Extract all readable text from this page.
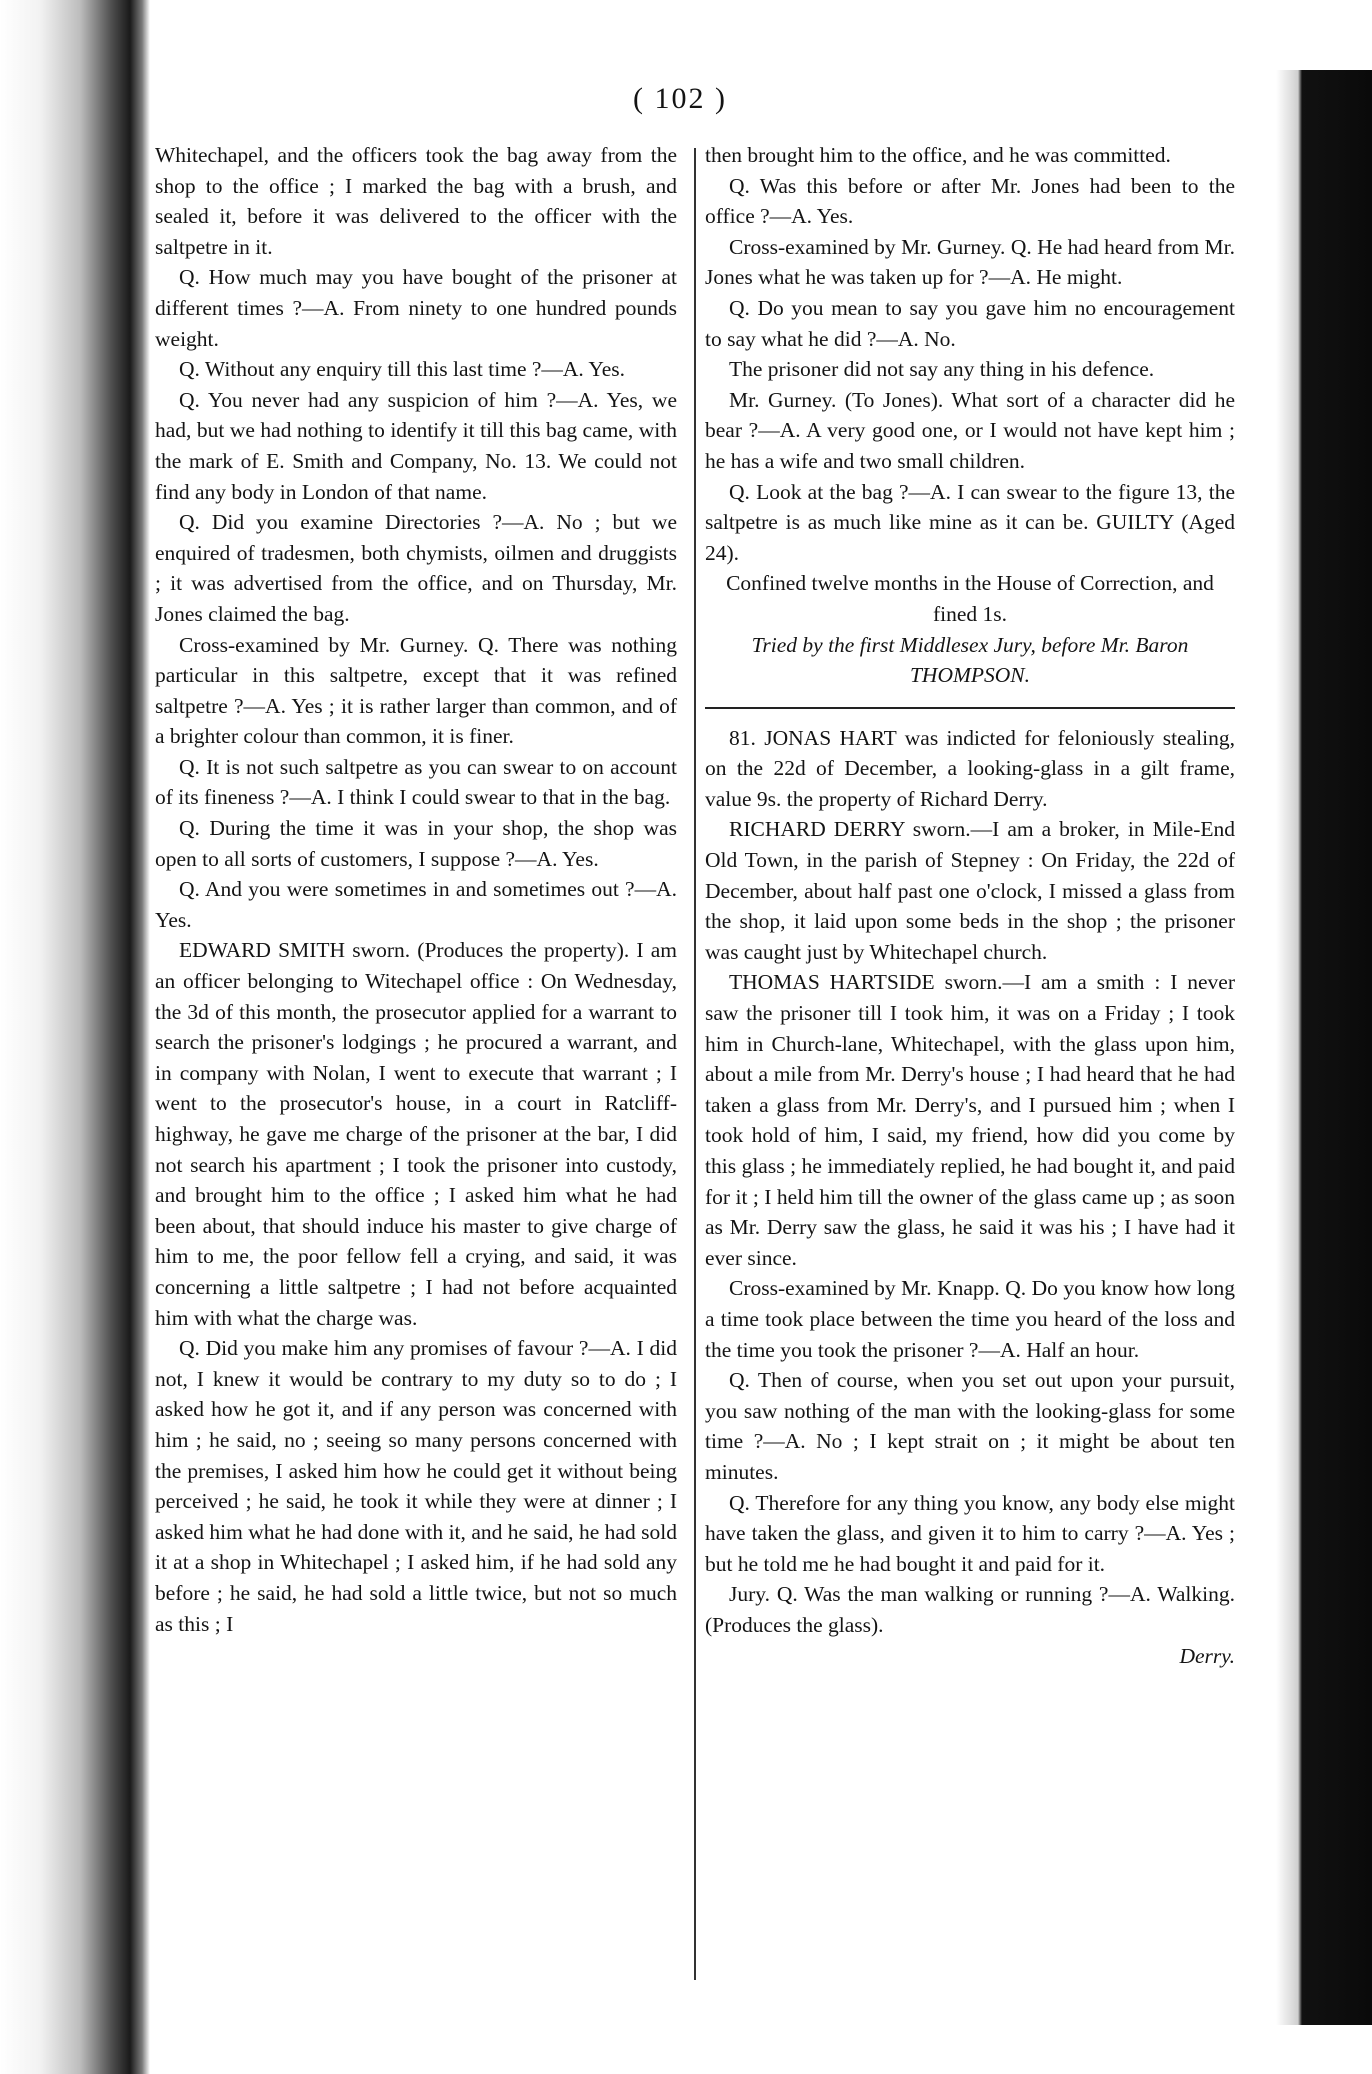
( 102 )

Whitechapel, and the officers took the bag away from the shop to the office ; I marked the bag with a brush, and sealed it, before it was delivered to the officer with the saltpetre in it.

Q. How much may you have bought of the prisoner at different times ?—A. From ninety to one hundred pounds weight.

Q. Without any enquiry till this last time ?—A. Yes.

Q. You never had any suspicion of him ?—A. Yes, we had, but we had nothing to identify it till this bag came, with the mark of E. Smith and Company, No. 13. We could not find any body in London of that name.

Q. Did you examine Directories ?—A. No ; but we enquired of tradesmen, both chymists, oilmen and druggists ; it was advertised from the office, and on Thursday, Mr. Jones claimed the bag.

Cross-examined by Mr. Gurney. Q. There was nothing particular in this saltpetre, except that it was refined saltpetre ?—A. Yes ; it is rather larger than common, and of a brighter colour than common, it is finer.

Q. It is not such saltpetre as you can swear to on account of its fineness ?—A. I think I could swear to that in the bag.

Q. During the time it was in your shop, the shop was open to all sorts of customers, I suppose ?—A. Yes.

Q. And you were sometimes in and sometimes out ?—A. Yes.

EDWARD SMITH sworn. (Produces the property). I am an officer belonging to Witechapel office : On Wednesday, the 3d of this month, the prosecutor applied for a warrant to search the prisoner's lodgings ; he procured a warrant, and in company with Nolan, I went to execute that warrant ; I went to the prosecutor's house, in a court in Ratcliff-highway, he gave me charge of the prisoner at the bar, I did not search his apartment ; I took the prisoner into custody, and brought him to the office ; I asked him what he had been about, that should induce his master to give charge of him to me, the poor fellow fell a crying, and said, it was concerning a little saltpetre ; I had not before acquainted him with what the charge was.

Q. Did you make him any promises of favour ?—A. I did not, I knew it would be contrary to my duty so to do ; I asked how he got it, and if any person was concerned with him ; he said, no ; seeing so many persons concerned with the premises, I asked him how he could get it without being perceived ; he said, he took it while they were at dinner ; I asked him what he had done with it, and he said, he had sold it at a shop in Whitechapel ; I asked him, if he had sold any before ; he said, he had sold a little twice, but not so much as this ; I

then brought him to the office, and he was committed.

Q. Was this before or after Mr. Jones had been to the office ?—A. Yes.

Cross-examined by Mr. Gurney. Q. He had heard from Mr. Jones what he was taken up for ?—A. He might.

Q. Do you mean to say you gave him no encouragement to say what he did ?—A. No.

The prisoner did not say any thing in his defence.

Mr. Gurney. (To Jones). What sort of a character did he bear ?—A. A very good one, or I would not have kept him ; he has a wife and two small children.

Q. Look at the bag ?—A. I can swear to the figure 13, the saltpetre is as much like mine as it can be. GUILTY (Aged 24).

Confined twelve months in the House of Correction, and fined 1s.

Tried by the first Middlesex Jury, before Mr. Baron THOMPSON.

81. JONAS HART was indicted for feloniously stealing, on the 22d of December, a looking-glass in a gilt frame, value 9s. the property of Richard Derry.

RICHARD DERRY sworn.—I am a broker, in Mile-End Old Town, in the parish of Stepney : On Friday, the 22d of December, about half past one o'clock, I missed a glass from the shop, it laid upon some beds in the shop ; the prisoner was caught just by Whitechapel church.

THOMAS HARTSIDE sworn.—I am a smith : I never saw the prisoner till I took him, it was on a Friday ; I took him in Church-lane, Whitechapel, with the glass upon him, about a mile from Mr. Derry's house ; I had heard that he had taken a glass from Mr. Derry's, and I pursued him ; when I took hold of him, I said, my friend, how did you come by this glass ; he immediately replied, he had bought it, and paid for it ; I held him till the owner of the glass came up ; as soon as Mr. Derry saw the glass, he said it was his ; I have had it ever since.

Cross-examined by Mr. Knapp. Q. Do you know how long a time took place between the time you heard of the loss and the time you took the prisoner ?—A. Half an hour.

Q. Then of course, when you set out upon your pursuit, you saw nothing of the man with the looking-glass for some time ?—A. No ; I kept strait on ; it might be about ten minutes.

Q. Therefore for any thing you know, any body else might have taken the glass, and given it to him to carry ?—A. Yes ; but he told me he had bought it and paid for it.

Jury. Q. Was the man walking or running ?—A. Walking. (Produces the glass).

Derry.
